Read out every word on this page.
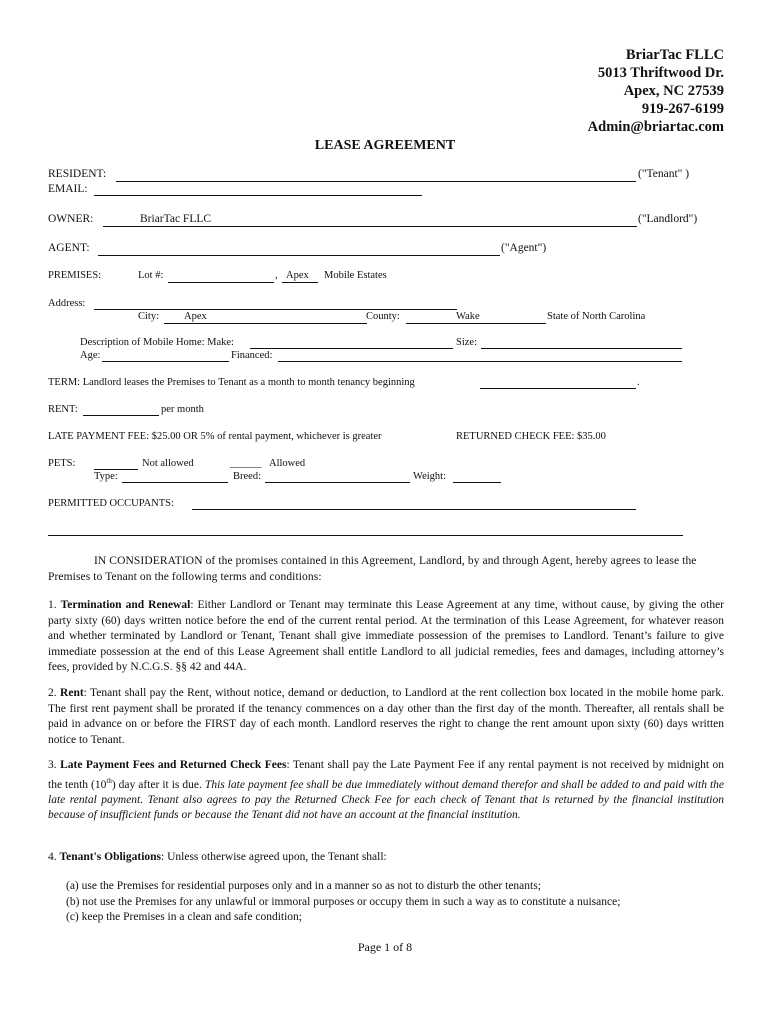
BriarTac FLLC
5013 Thriftwood Dr.
Apex, NC 27539
919-267-6199
Admin@briartac.com
LEASE AGREEMENT
RESIDENT:	("Tenant" )
EMAIL:
OWNER:	BriarTac FLLC	("Landlord")
AGENT:	("Agent")
PREMISES:	Lot #:	, Apex Mobile Estates
Address:
City: Apex	County:	Wake	State of North Carolina
Description of Mobile Home: Make:	Size:
Age:	Financed:
TERM: Landlord leases the Premises to Tenant as a month to month tenancy beginning	.
RENT:	per month
LATE PAYMENT FEE: $25.00 OR 5% of rental payment, whichever is greater	RETURNED CHECK FEE: $35.00
PETS:	Not allowed	______ Allowed
Type:	Breed:	Weight:
PERMITTED OCCUPANTS:
IN CONSIDERATION of the promises contained in this Agreement, Landlord, by and through Agent, hereby agrees to lease the Premises to Tenant on the following terms and conditions:
1. Termination and Renewal: Either Landlord or Tenant may terminate this Lease Agreement at any time, without cause, by giving the other party sixty (60) days written notice before the end of the current rental period. At the termination of this Lease Agreement, for whatever reason and whether terminated by Landlord or Tenant, Tenant shall give immediate possession of the premises to Landlord. Tenant’s failure to give immediate possession at the end of this Lease Agreement shall entitle Landlord to all judicial remedies, fees and damages, including attorney’s fees, provided by N.C.G.S. §§ 42 and 44A.
2. Rent: Tenant shall pay the Rent, without notice, demand or deduction, to Landlord at the rent collection box located in the mobile home park. The first rent payment shall be prorated if the tenancy commences on a day other than the first day of the month. Thereafter, all rentals shall be paid in advance on or before the FIRST day of each month. Landlord reserves the right to change the rent amount upon sixty (60) days written notice to Tenant.
3. Late Payment Fees and Returned Check Fees: Tenant shall pay the Late Payment Fee if any rental payment is not received by midnight on the tenth (10th) day after it is due. This late payment fee shall be due immediately without demand therefor and shall be added to and paid with the late rental payment. Tenant also agrees to pay the Returned Check Fee for each check of Tenant that is returned by the financial institution because of insufficient funds or because the Tenant did not have an account at the financial institution.
4. Tenant's Obligations: Unless otherwise agreed upon, the Tenant shall:
(a) use the Premises for residential purposes only and in a manner so as not to disturb the other tenants;
(b) not use the Premises for any unlawful or immoral purposes or occupy them in such a way as to constitute a nuisance;
(c) keep the Premises in a clean and safe condition;
Page 1 of 8
